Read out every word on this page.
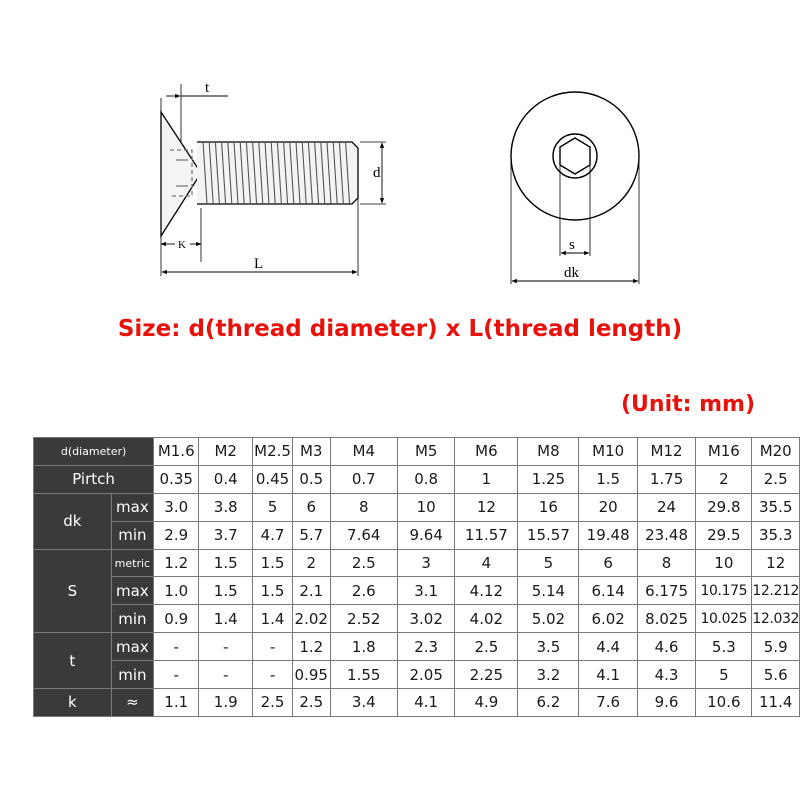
t
K
L
d
s
dk

Size: d(thread diameter) x L(thread length)

(Unit: mm)

d(diameter)		M1.6	M2	M2.5	M3	M4	M5	M6	M8	M10	M12	M16	M20
Pirtch		0.35	0.4	0.45	0.5	0.7	0.8	1	1.25	1.5	1.75	2	2.5
dk	max	3.0	3.8	5	6	8	10	12	16	20	24	29.8	35.5
	min	2.9	3.7	4.7	5.7	7.64	9.64	11.57	15.57	19.48	23.48	29.5	35.3
S	metric	1.2	1.5	1.5	2	2.5	3	4	5	6	8	10	12
	max	1.0	1.5	1.5	2.1	2.6	3.1	4.12	5.14	6.14	6.175	10.175	12.212
	min	0.9	1.4	1.4	2.02	2.52	3.02	4.02	5.02	6.02	8.025	10.025	12.032
t	max	-	-	-	1.2	1.8	2.3	2.5	3.5	4.4	4.6	5.3	5.9
	min	-	-	-	0.95	1.55	2.05	2.25	3.2	4.1	4.3	5	5.6
k	≈	1.1	1.9	2.5	2.5	3.4	4.1	4.9	6.2	7.6	9.6	10.6	11.4
